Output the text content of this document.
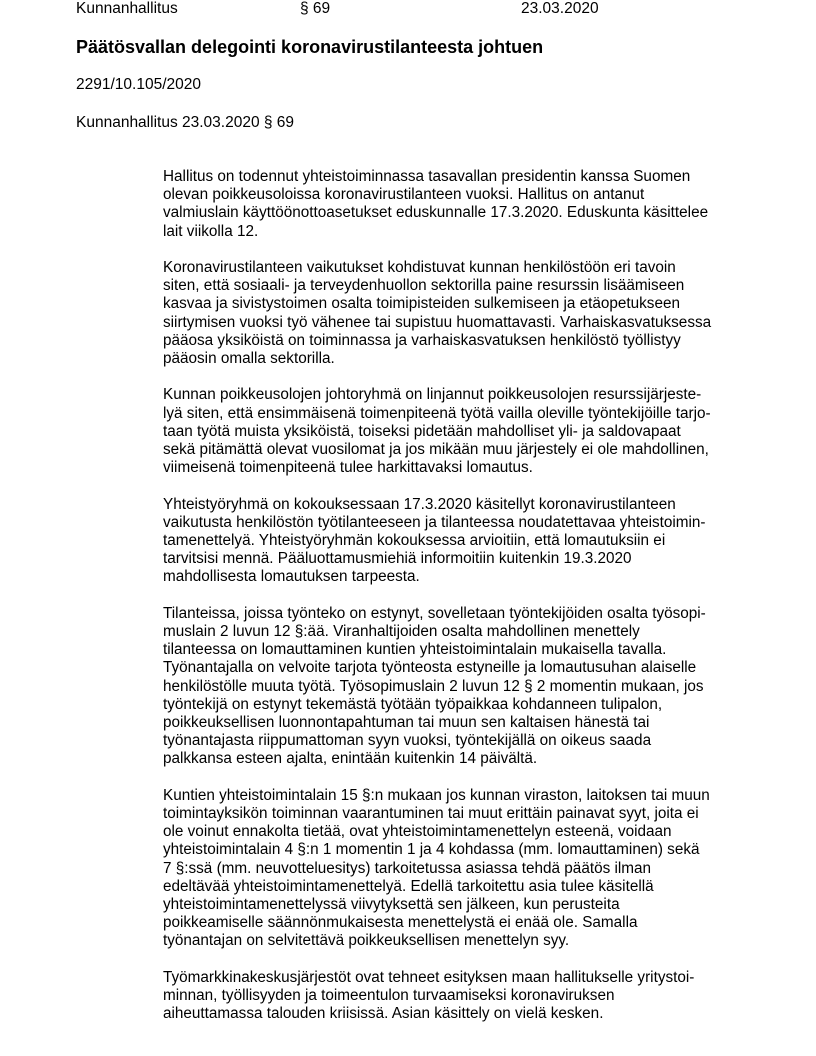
Kunnanhallitus	§ 69	23.03.2020
Päätösvallan delegointi koronavirustilanteesta johtuen
2291/10.105/2020
Kunnanhallitus 23.03.2020 § 69
Hallitus on todennut yhteistoiminnassa tasavallan presidentin kanssa Suomen
olevan poikkeusoloissa koronavirustilanteen vuoksi. Hallitus on antanut
valmiuslain käyttöönottoasetukset eduskunnalle 17.3.2020. Eduskunta käsittelee
lait viikolla 12.
Koronavirustilanteen vaikutukset kohdistuvat kunnan henkilöstöön eri tavoin
siten, että sosiaali- ja terveydenhuollon sektorilla paine resurssin lisäämiseen
kasvaa ja sivistystoimen osalta toimipisteiden sulkemiseen ja etäopetukseen
siirtymisen vuoksi työ vähenee tai supistuu huomattavasti. Varhaiskasvatuksessa
pääosa yksiköistä on toiminnassa ja varhaiskasvatuksen henkilöstö työllistyy
pääosin omalla sektorilla.
Kunnan poikkeusolojen johtoryhmä on linjannut poikkeusolojen resurssijärjeste-
lyä siten, että ensimmäisenä toimenpiteenä työtä vailla oleville työntekijöille tarjo-
taan työtä muista yksiköistä, toiseksi pidetään mahdolliset yli- ja saldovapaat
sekä pitämättä olevat vuosilomat ja jos mikään muu järjestely ei ole mahdollinen,
viimeisenä toimenpiteenä tulee harkittavaksi lomautus.
Yhteistyöryhmä on kokouksessaan 17.3.2020 käsitellyt koronavirustilanteen
vaikutusta henkilöstön työtilanteeseen ja tilanteessa noudatettavaa yhteistoimin-
tamenettelyä. Yhteistyöryhmän kokouksessa arvioitiin, että lomautuksiin ei
tarvitsisi mennä. Pääluottamusmiehiä informoitiin kuitenkin 19.3.2020
mahdollisesta lomautuksen tarpeesta.
Tilanteissa, joissa työnteko on estynyt, sovelletaan työntekijöiden osalta työsopi-
muslain 2 luvun 12 §:ää. Viranhaltijoiden osalta mahdollinen menettely
tilanteessa on lomauttaminen kuntien yhteistoimintalain mukaisella tavalla.
Työnantajalla on velvoite tarjota työnteosta estyneille ja lomautusuhan alaiselle
henkilöstölle muuta työtä. Työsopimuslain 2 luvun 12 § 2 momentin mukaan, jos
työntekijä on estynyt tekemästä työtään työpaikkaa kohdanneen tulipalon,
poikkeuksellisen luonnontapahtuman tai muun sen kaltaisen hänestä tai
työnantajasta riippumattoman syyn vuoksi, työntekijällä on oikeus saada
palkkansa esteen ajalta, enintään kuitenkin 14 päivältä.
Kuntien yhteistoimintalain 15 §:n mukaan jos kunnan viraston, laitoksen tai muun
toimintayksikön toiminnan vaarantuminen tai muut erittäin painavat syyt, joita ei
ole voinut ennakolta tietää, ovat yhteistoimintamenettelyn esteenä, voidaan
yhteistoimintalain 4 §:n 1 momentin 1 ja 4 kohdassa (mm. lomauttaminen) sekä
7 §:ssä (mm. neuvotteluesitys) tarkoitetussa asiassa tehdä päätös ilman
edeltävää yhteistoimintamenettelyä. Edellä tarkoitettu asia tulee käsitellä
yhteistoimintamenettelyssä viivytyksettä sen jälkeen, kun perusteita
poikkeamiselle säännönmukaisesta menettelystä ei enää ole. Samalla
työnantajan on selvitettävä poikkeuksellisen menettelyn syy.
Työmarkkinakeskusjärjestöt ovat tehneet esityksen maan hallitukselle yritystoi-
minnan, työllisyyden ja toimeentulon turvaamiseksi koronaviruksen
aiheuttamassa talouden kriisissä. Asian käsittely on vielä kesken.
